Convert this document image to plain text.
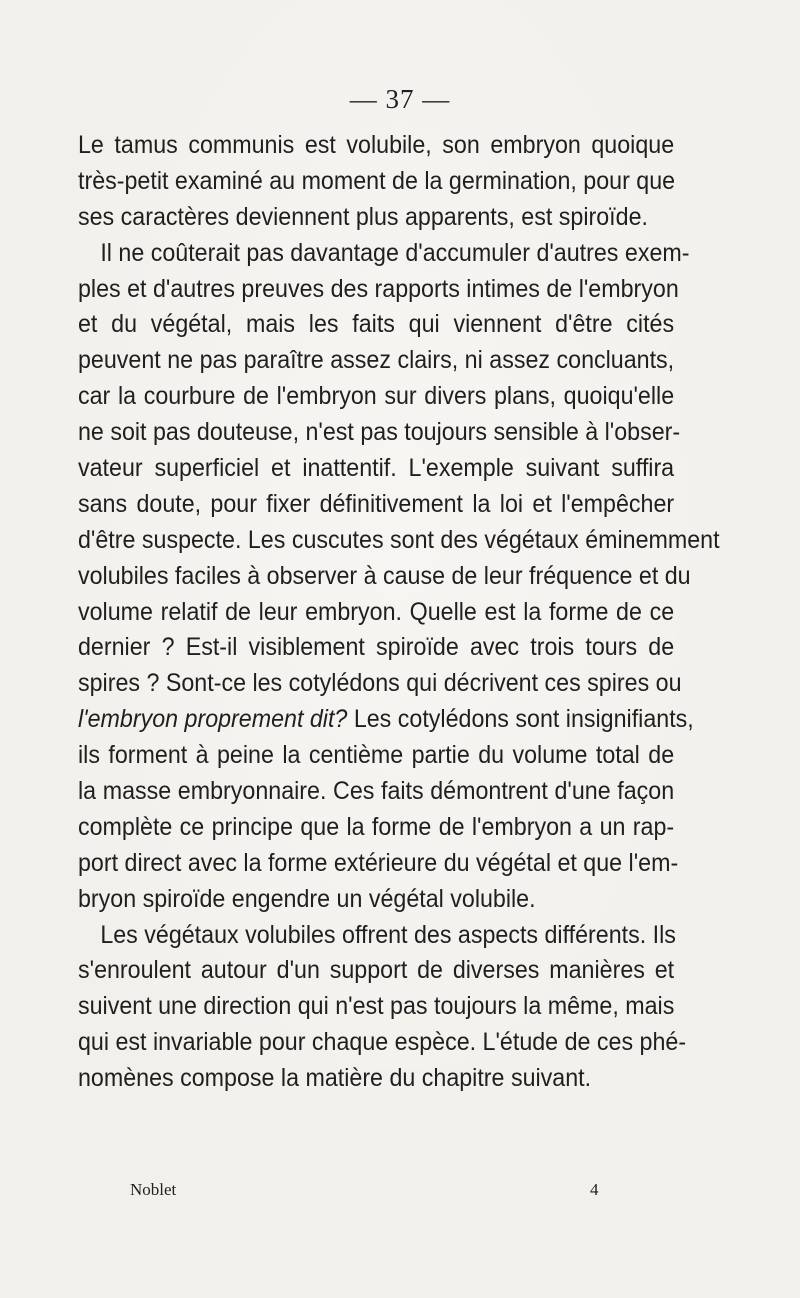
— 37 —
Le tamus communis est volubile, son embryon quoique
très-petit examiné au moment de la germination, pour que
ses caractères deviennent plus apparents, est spiroïde.
Il ne coûterait pas davantage d'accumuler d'autres exem-
ples et d'autres preuves des rapports intimes de l'embryon
et du végétal, mais les faits qui viennent d'être cités
peuvent ne pas paraître assez clairs, ni assez concluants,
car la courbure de l'embryon sur divers plans, quoiqu'elle
ne soit pas douteuse, n'est pas toujours sensible à l'obser-
vateur superficiel et inattentif. L'exemple suivant suffira
sans doute, pour fixer définitivement la loi et l'empêcher
d'être suspecte. Les cuscutes sont des végétaux éminemment
volubiles faciles à observer à cause de leur fréquence et du
volume relatif de leur embryon. Quelle est la forme de ce
dernier ? Est-il visiblement spiroïde avec trois tours de
spires ? Sont-ce les cotylédons qui décrivent ces spires ou
l'embryon proprement dit? Les cotylédons sont insignifiants,
ils forment à peine la centième partie du volume total de
la masse embryonnaire. Ces faits démontrent d'une façon
complète ce principe que la forme de l'embryon a un rap-
port direct avec la forme extérieure du végétal et que l'em-
bryon spiroïde engendre un végétal volubile.
Les végétaux volubiles offrent des aspects différents. Ils
s'enroulent autour d'un support de diverses manières et
suivent une direction qui n'est pas toujours la même, mais
qui est invariable pour chaque espèce. L'étude de ces phé-
nomènes compose la matière du chapitre suivant.
Noblet	4
